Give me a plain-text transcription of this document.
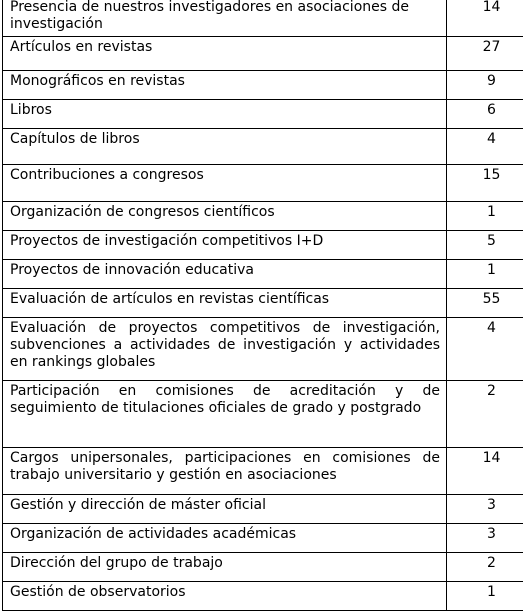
Presencia de nuestros investigadores en asociaciones de investigación	14
Artículos en revistas	27
Monográficos en revistas	9
Libros	6
Capítulos de libros	4
Contribuciones a congresos	15
Organización de congresos científicos	1
Proyectos de investigación competitivos I+D	5
Proyectos de innovación educativa	1
Evaluación de artículos en revistas científicas	55
Evaluación de proyectos competitivos de investigación, subvenciones a actividades de investigación y actividades en rankings globales	4
Participación en comisiones de acreditación y de seguimiento de titulaciones oficiales de grado y postgrado	2
Cargos unipersonales, participaciones en comisiones de trabajo universitario y gestión en asociaciones	14
Gestión y dirección de máster oficial	3
Organización de actividades académicas	3
Dirección del grupo de trabajo	2
Gestión de observatorios	1
